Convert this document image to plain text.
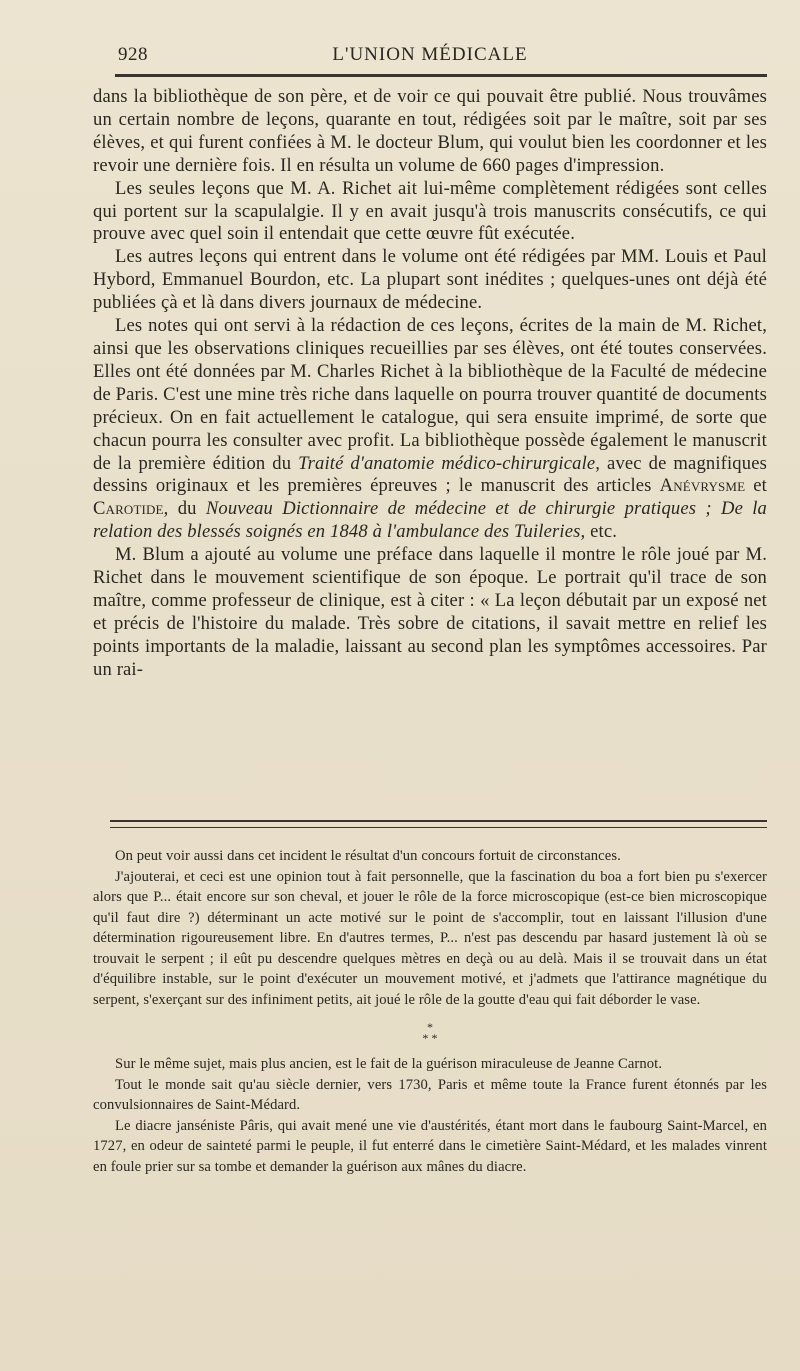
928	L'UNION MÉDICALE

dans la bibliothèque de son père, et de voir ce qui pouvait être publié. Nous trouvâmes un certain nombre de leçons, quarante en tout, rédigées soit par le maître, soit par ses élèves, et qui furent confiées à M. le docteur Blum, qui voulut bien les coordonner et les revoir une dernière fois. Il en résulta un volume de 660 pages d'impression.

Les seules leçons que M. A. Richet ait lui-même complètement rédigées sont celles qui portent sur la scapulalgie. Il y en avait jusqu'à trois manuscrits consécutifs, ce qui prouve avec quel soin il entendait que cette œuvre fût exécutée.

Les autres leçons qui entrent dans le volume ont été rédigées par MM. Louis et Paul Hybord, Emmanuel Bourdon, etc. La plupart sont inédites ; quelques-unes ont déjà été publiées çà et là dans divers journaux de médecine.

Les notes qui ont servi à la rédaction de ces leçons, écrites de la main de M. Richet, ainsi que les observations cliniques recueillies par ses élèves, ont été toutes conservées. Elles ont été données par M. Charles Richet à la bibliothèque de la Faculté de médecine de Paris. C'est une mine très riche dans laquelle on pourra trouver quantité de documents précieux. On en fait actuellement le catalogue, qui sera ensuite imprimé, de sorte que chacun pourra les consulter avec profit. La bibliothèque possède également le manuscrit de la première édition du Traité d'anatomie médico-chirurgicale, avec de magnifiques dessins originaux et les premières épreuves ; le manuscrit des articles Anévrysme et Carotide, du Nouveau Dictionnaire de médecine et de chirurgie pratiques ; De la relation des blessés soignés en 1848 à l'ambulance des Tuileries, etc.

M. Blum a ajouté au volume une préface dans laquelle il montre le rôle joué par M. Richet dans le mouvement scientifique de son époque. Le portrait qu'il trace de son maître, comme professeur de clinique, est à citer : « La leçon débutait par un exposé net et précis de l'histoire du malade. Très sobre de citations, il savait mettre en relief les points importants de la maladie, laissant au second plan les symptômes accessoires. Par un rai-

On peut voir aussi dans cet incident le résultat d'un concours fortuit de circonstances.

J'ajouterai, et ceci est une opinion tout à fait personnelle, que la fascination du boa a fort bien pu s'exercer alors que P... était encore sur son cheval, et jouer le rôle de la force microscopique (est-ce bien microscopique qu'il faut dire ?) déterminant un acte motivé sur le point de s'accomplir, tout en laissant l'illusion d'une détermination rigoureusement libre. En d'autres termes, P... n'est pas descendu par hasard justement là où se trouvait le serpent ; il eût pu descendre quelques mètres en deçà ou au delà. Mais il se trouvait dans un état d'équilibre instable, sur le point d'exécuter un mouvement motivé, et j'admets que l'attirance magnétique du serpent, s'exerçant sur des infiniment petits, ait joué le rôle de la goutte d'eau qui fait déborder le vase.

*
* *

Sur le même sujet, mais plus ancien, est le fait de la guérison miraculeuse de Jeanne Carnot.

Tout le monde sait qu'au siècle dernier, vers 1730, Paris et même toute la France furent étonnés par les convulsionnaires de Saint-Médard.

Le diacre janséniste Pâris, qui avait mené une vie d'austérités, étant mort dans le faubourg Saint-Marcel, en 1727, en odeur de sainteté parmi le peuple, il fut enterré dans le cimetière Saint-Médard, et les malades vinrent en foule prier sur sa tombe et demander la guérison aux mânes du diacre.
